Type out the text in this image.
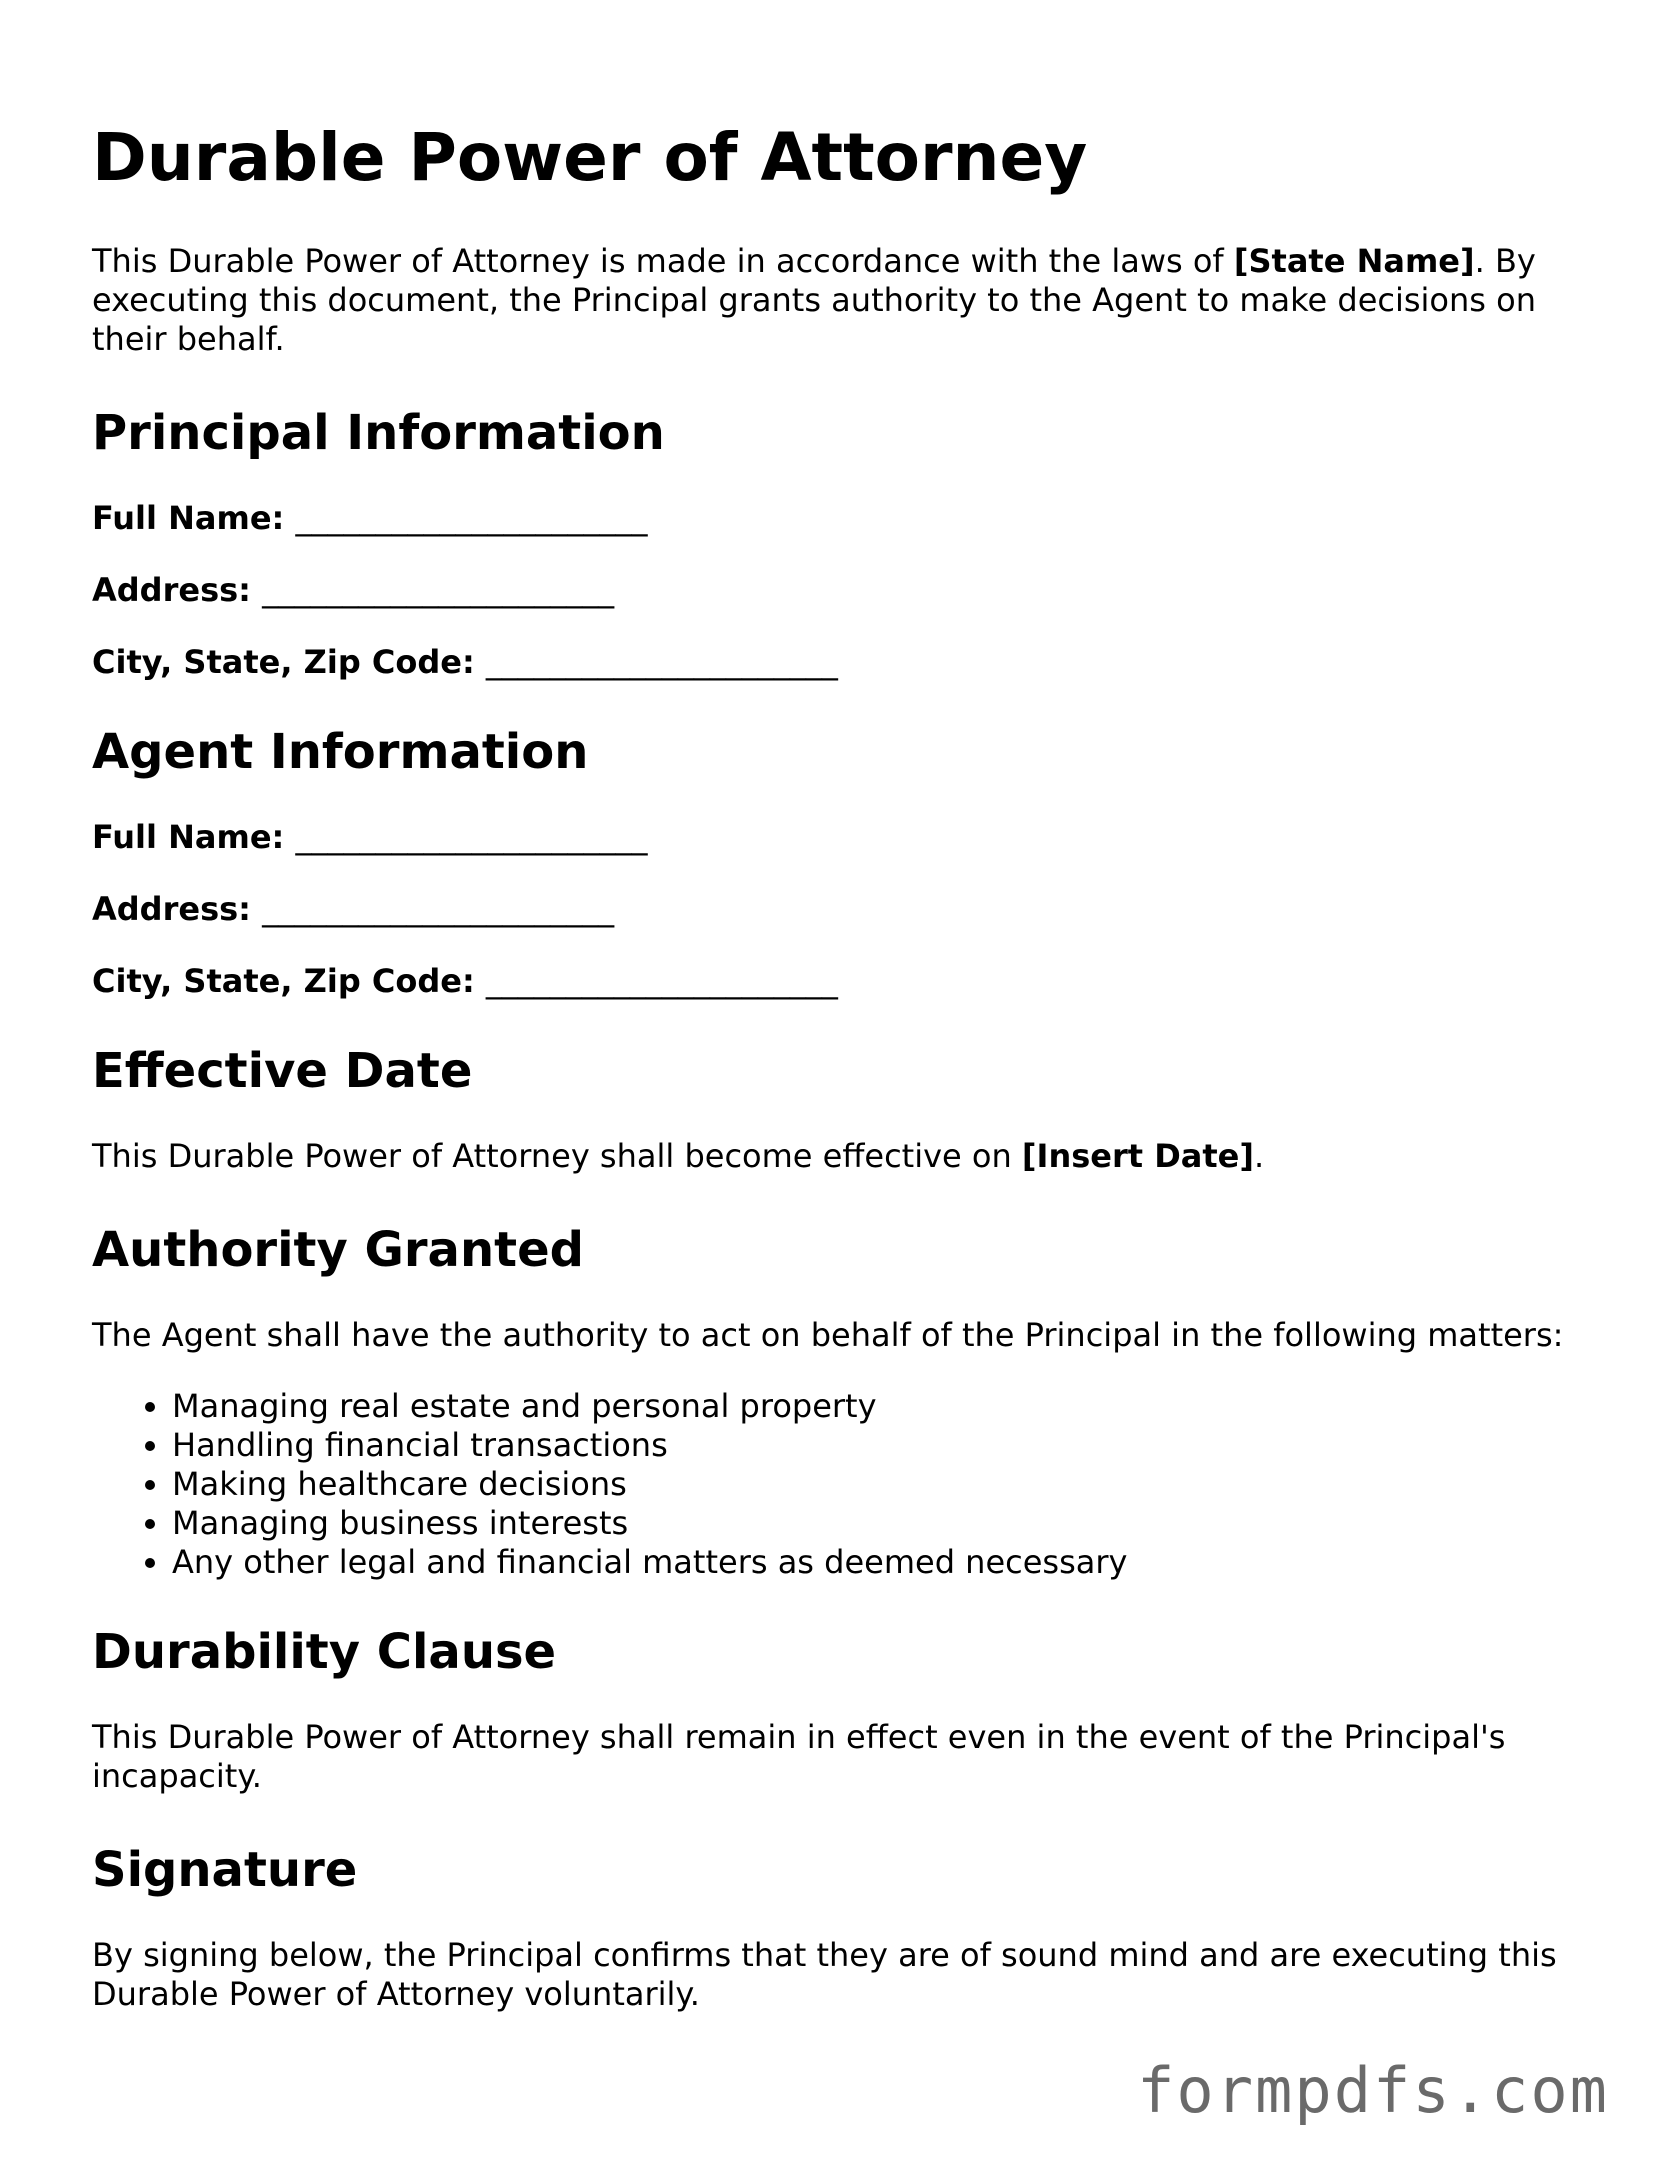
Durable Power of Attorney

This Durable Power of Attorney is made in accordance with the laws of [State Name]. By executing this document, the Principal grants authority to the Agent to make decisions on their behalf.

Principal Information
Full Name: ______________________
Address: ______________________
City, State, Zip Code: ______________________
Agent Information
Full Name: ______________________
Address: ______________________
City, State, Zip Code: ______________________
Effective Date

This Durable Power of Attorney shall become effective on [Insert Date].

Authority Granted

The Agent shall have the authority to act on behalf of the Principal in the following matters:

• Managing real estate and personal property
• Handling financial transactions
• Making healthcare decisions
• Managing business interests
• Any other legal and financial matters as deemed necessary
Durability Clause

This Durable Power of Attorney shall remain in effect even in the event of the Principal's incapacity.

Signature

By signing below, the Principal confirms that they are of sound mind and are executing this Durable Power of Attorney voluntarily.

formpdfs.com
